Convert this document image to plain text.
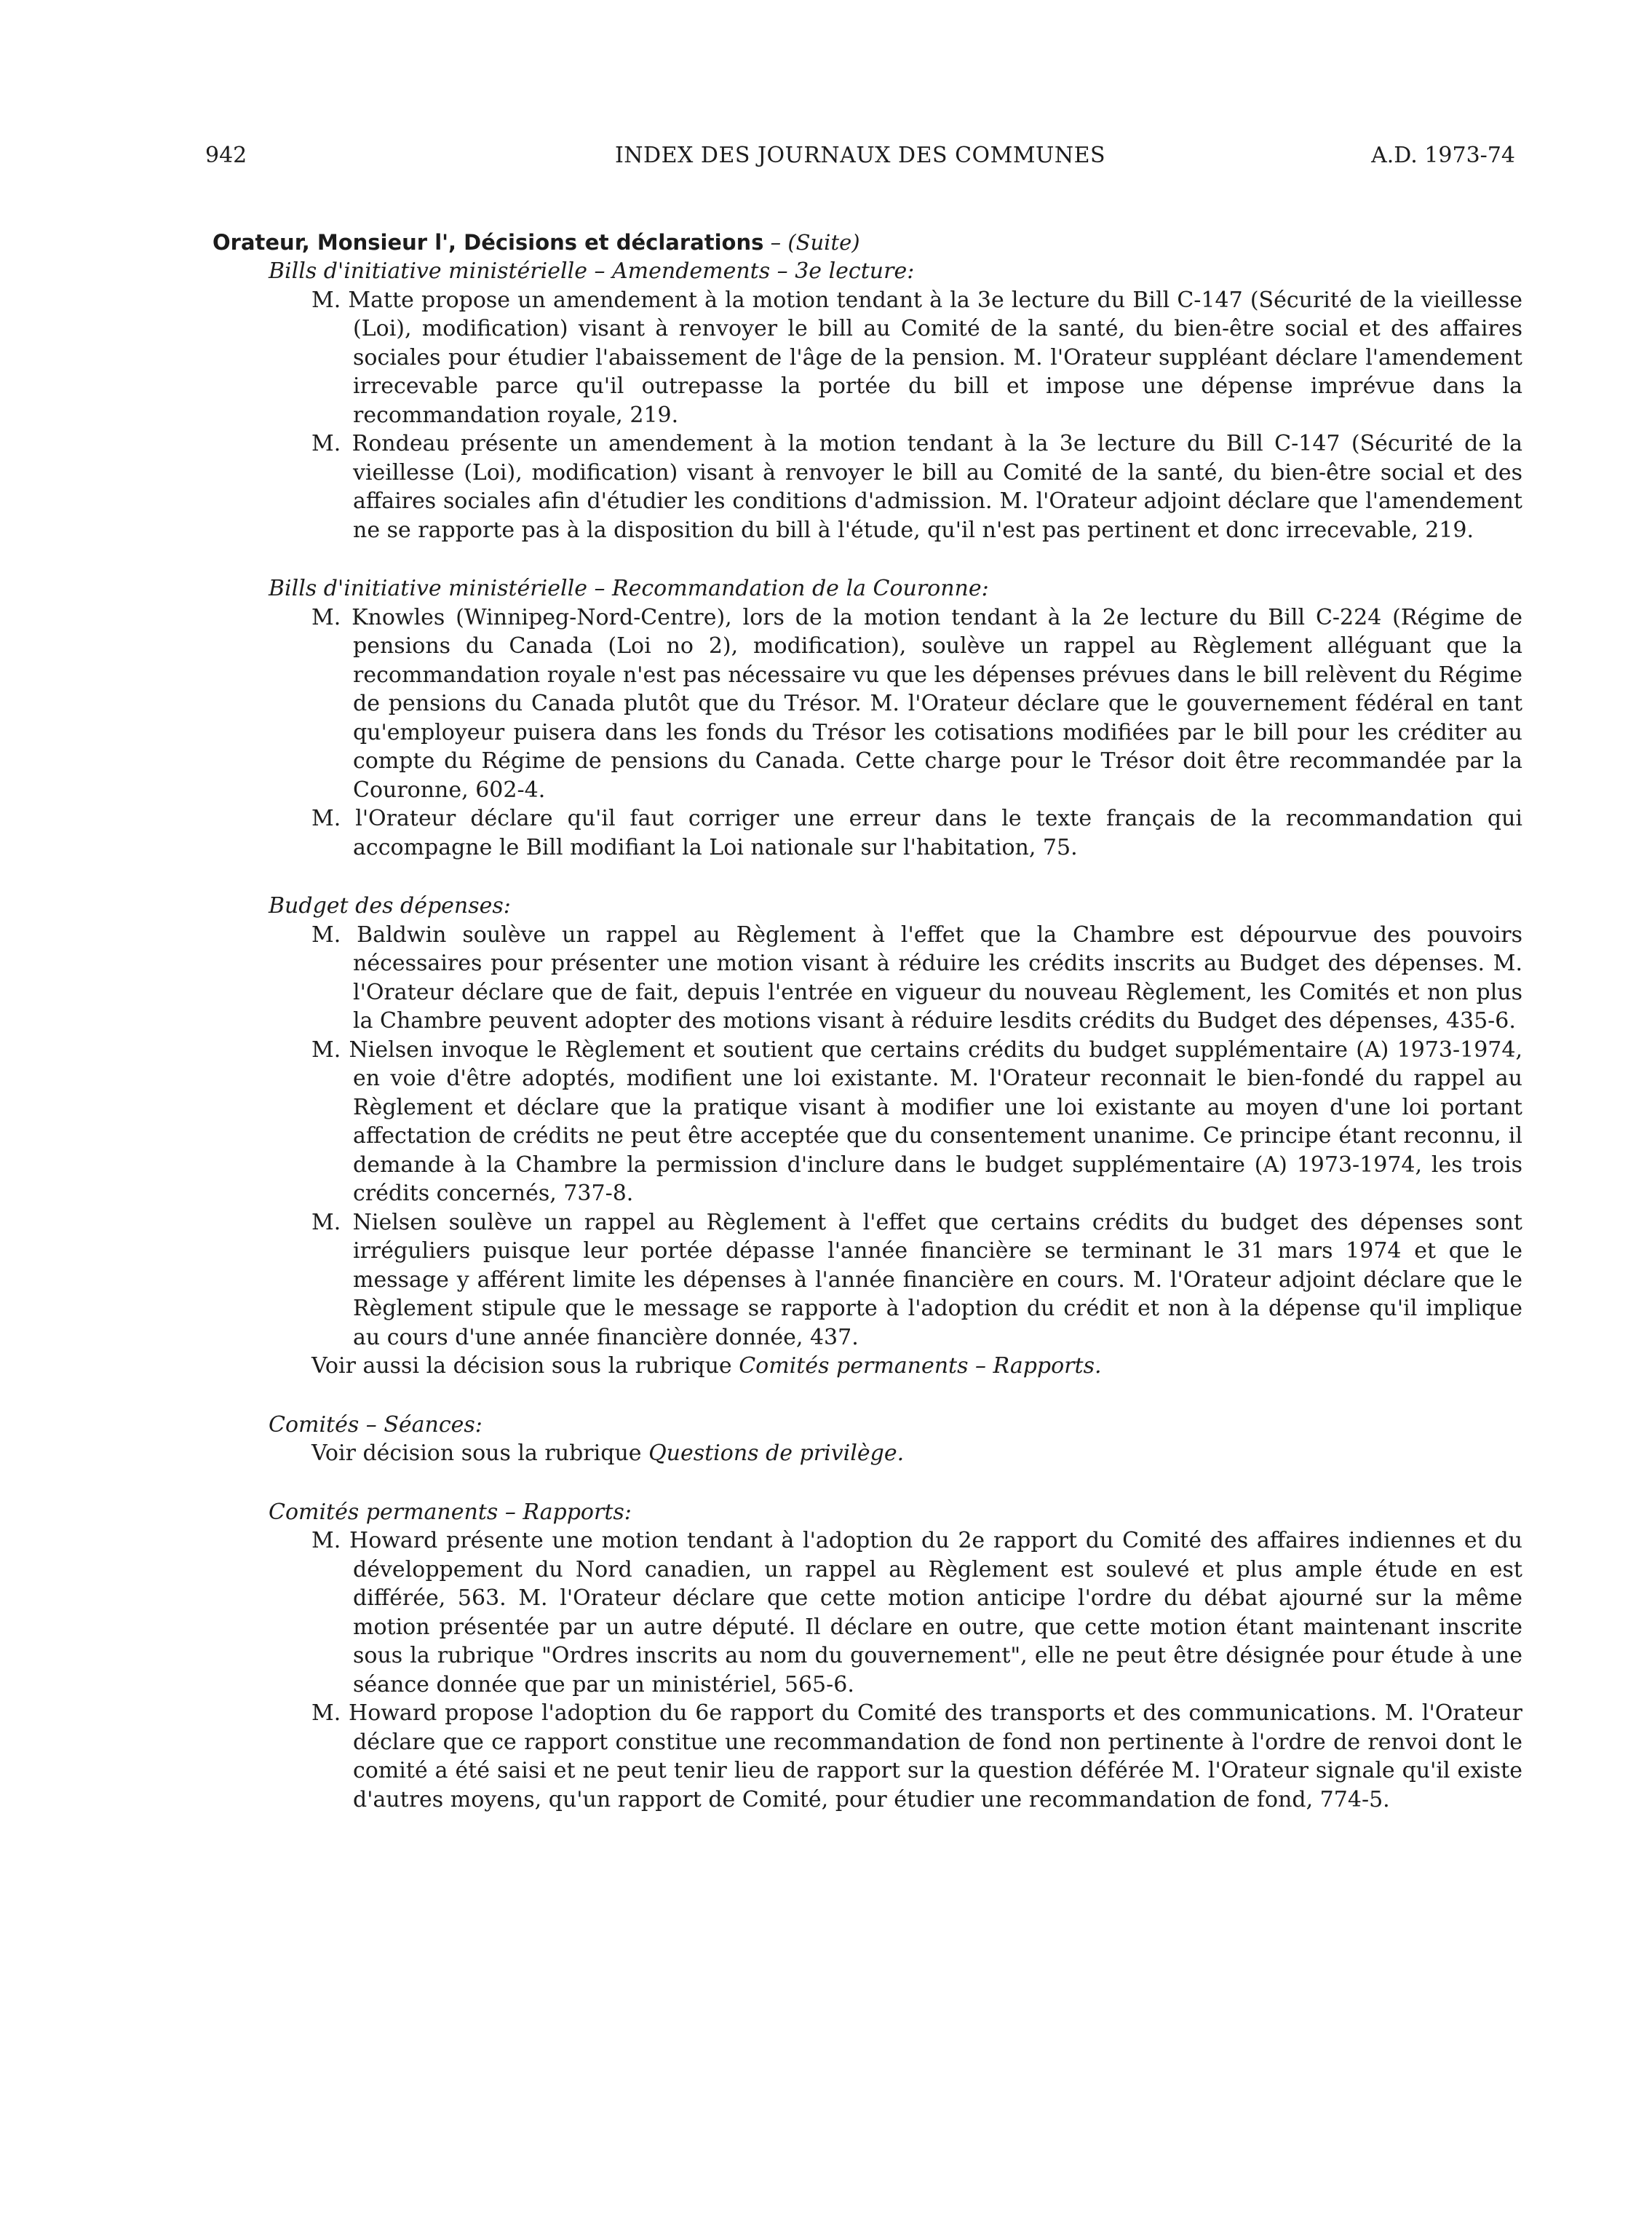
942	INDEX DES JOURNAUX DES COMMUNES	A.D. 1973-74
Orateur, Monsieur l', Décisions et déclarations – (Suite)
Bills d'initiative ministérielle – Amendements – 3e lecture:
M. Matte propose un amendement à la motion tendant à la 3e lecture du Bill C-147 (Sécurité de la vieillesse (Loi), modification) visant à renvoyer le bill au Comité de la santé, du bien-être social et des affaires sociales pour étudier l'abaissement de l'âge de la pension. M. l'Orateur suppléant déclare l'amendement irrecevable parce qu'il outrepasse la portée du bill et impose une dépense imprévue dans la recommandation royale, 219.
M. Rondeau présente un amendement à la motion tendant à la 3e lecture du Bill C-147 (Sécurité de la vieillesse (Loi), modification) visant à renvoyer le bill au Comité de la santé, du bien-être social et des affaires sociales afin d'étudier les conditions d'admission. M. l'Orateur adjoint déclare que l'amendement ne se rapporte pas à la disposition du bill à l'étude, qu'il n'est pas pertinent et donc irrecevable, 219.
Bills d'initiative ministérielle – Recommandation de la Couronne:
M. Knowles (Winnipeg-Nord-Centre), lors de la motion tendant à la 2e lecture du Bill C-224 (Régime de pensions du Canada (Loi no 2), modification), soulève un rappel au Règlement alléguant que la recommandation royale n'est pas nécessaire vu que les dépenses prévues dans le bill relèvent du Régime de pensions du Canada plutôt que du Trésor. M. l'Orateur déclare que le gouvernement fédéral en tant qu'employeur puisera dans les fonds du Trésor les cotisations modifiées par le bill pour les créditer au compte du Régime de pensions du Canada. Cette charge pour le Trésor doit être recommandée par la Couronne, 602-4.
M. l'Orateur déclare qu'il faut corriger une erreur dans le texte français de la recommandation qui accompagne le Bill modifiant la Loi nationale sur l'habitation, 75.
Budget des dépenses:
M. Baldwin soulève un rappel au Règlement à l'effet que la Chambre est dépourvue des pouvoirs nécessaires pour présenter une motion visant à réduire les crédits inscrits au Budget des dépenses. M. l'Orateur déclare que de fait, depuis l'entrée en vigueur du nouveau Règlement, les Comités et non plus la Chambre peuvent adopter des motions visant à réduire lesdits crédits du Budget des dépenses, 435-6.
M. Nielsen invoque le Règlement et soutient que certains crédits du budget supplémentaire (A) 1973-1974, en voie d'être adoptés, modifient une loi existante. M. l'Orateur reconnait le bien-fondé du rappel au Règlement et déclare que la pratique visant à modifier une loi existante au moyen d'une loi portant affectation de crédits ne peut être acceptée que du consentement unanime. Ce principe étant reconnu, il demande à la Chambre la permission d'inclure dans le budget supplémentaire (A) 1973-1974, les trois crédits concernés, 737-8.
M. Nielsen soulève un rappel au Règlement à l'effet que certains crédits du budget des dépenses sont irréguliers puisque leur portée dépasse l'année financière se terminant le 31 mars 1974 et que le message y afférent limite les dépenses à l'année financière en cours. M. l'Orateur adjoint déclare que le Règlement stipule que le message se rapporte à l'adoption du crédit et non à la dépense qu'il implique au cours d'une année financière donnée, 437.
Voir aussi la décision sous la rubrique Comités permanents – Rapports.
Comités – Séances:
Voir décision sous la rubrique Questions de privilège.
Comités permanents – Rapports:
M. Howard présente une motion tendant à l'adoption du 2e rapport du Comité des affaires indiennes et du développement du Nord canadien, un rappel au Règlement est soulevé et plus ample étude en est différée, 563. M. l'Orateur déclare que cette motion anticipe l'ordre du débat ajourné sur la même motion présentée par un autre député. Il déclare en outre, que cette motion étant maintenant inscrite sous la rubrique "Ordres inscrits au nom du gouvernement", elle ne peut être désignée pour étude à une séance donnée que par un ministériel, 565-6.
M. Howard propose l'adoption du 6e rapport du Comité des transports et des communications. M. l'Orateur déclare que ce rapport constitue une recommandation de fond non pertinente à l'ordre de renvoi dont le comité a été saisi et ne peut tenir lieu de rapport sur la question déférée M. l'Orateur signale qu'il existe d'autres moyens, qu'un rapport de Comité, pour étudier une recommandation de fond, 774-5.
